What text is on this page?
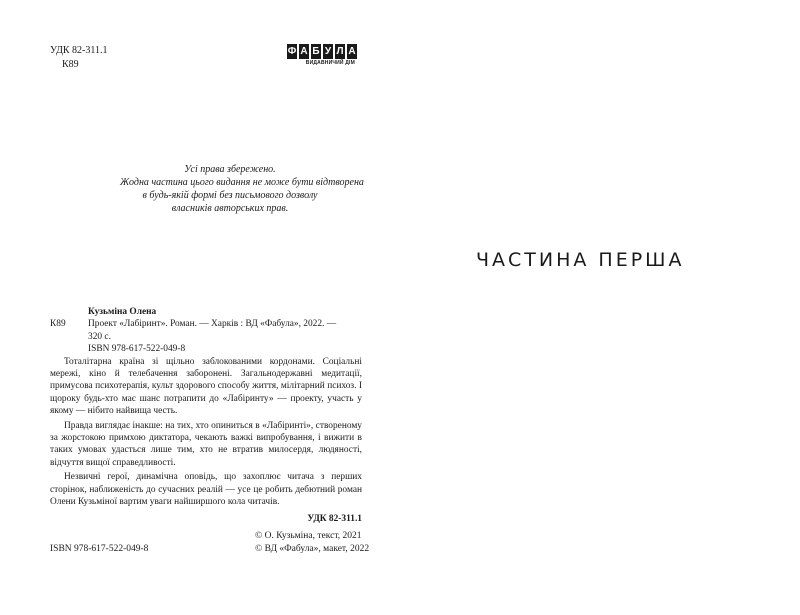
УДК 82-311.1
К89
Ф А Б У Л А
ВИДАВНИЧИЙ ДІМ
Усі права збережено.
Жодна частина цього видання не може бути відтворена
в будь-якій формі без письмового дозволу
власників авторських прав.
Кузьміна Олена
К89 Проект «Лабіринт». Роман. — Харків : ВД «Фабула», 2022. —
320 с.
ISBN 978-617-522-049-8

Тоталітарна країна зі щільно заблокованими кордонами. Соціальні мережі, кіно й телебачення заборонені. Загальнодержавні медитації, примусова психотерапія, культ здорового способу життя, мілітарний психоз. І щороку будь-хто має шанс потрапити до «Лабіринту» — проекту, участь у якому — нібито найвища честь.

Правда виглядає інакше: на тих, хто опиниться в «Лабіринті», створеному за жорстокою примхою диктатора, чекають важкі випробування, і вижити в таких умовах удасться лише тим, хто не втратив милосердя, людяності, відчуття вищої справедливості.

Незвичні герої, динамічна оповідь, що захоплює читача з перших сторінок, наближеність до сучасних реалій — усе це робить дебютний роман Олени Кузьміної вартим уваги найширшого кола читачів.

УДК 82-311.1
ISBN 978-617-522-049-8
© О. Кузьміна, текст, 2021
© ВД «Фабула», макет, 2022
ЧАСТИНА ПЕРША
